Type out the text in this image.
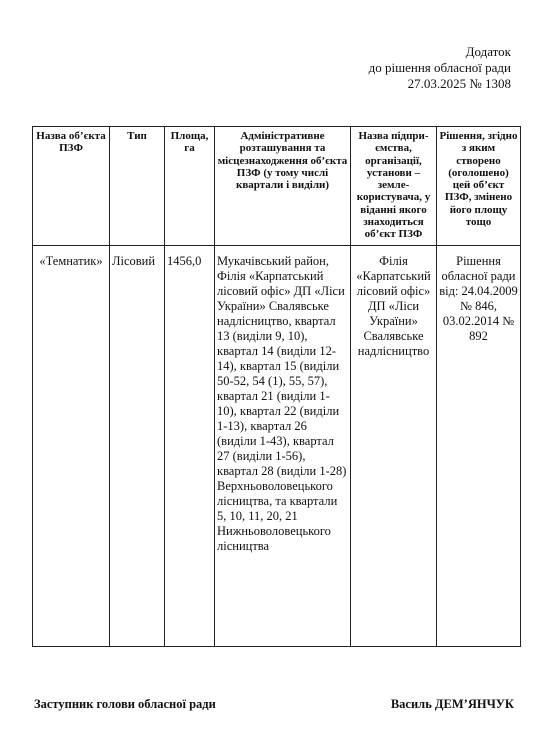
Додаток
до рішення обласної ради
27.03.2025 № 1308
Назва об’єкта ПЗФ	Тип	Площа, га	Адміністративне розташування та місцезнаходження об’єкта ПЗФ (у тому числі квартали і виділи)	Назва підпри-ємства, організації, установи – земле-користувача, у віданні якого знаходиться об’єкт ПЗФ	Рішення, згідно з яким створено (оголошено) цей об’єкт ПЗФ, змінено його площу тощо
«Темнатик»	Лісовий	1456,0	Мукачівський район, Філія «Карпатський лісовий офіс» ДП «Ліси України» Свалявське надлісництво, квартал 13 (виділи 9, 10), квартал 14 (виділи 12-14), квартал 15 (виділи 50-52, 54 (1), 55, 57), квартал 21 (виділи 1-10), квартал 22 (виділи 1-13), квартал 26 (виділи 1-43), квартал 27 (виділи 1-56), квартал 28 (виділи 1-28) Верхньоволовецького лісництва, та квартали 5, 10, 11, 20, 21 Нижньоволовецького лісництва	Філія «Карпатський лісовий офіс» ДП «Ліси України» Свалявське надлісництво	Рішення обласної ради від: 24.04.2009 № 846, 03.02.2014 № 892
Заступник голови обласної ради	Василь ДЕМ’ЯНЧУК
